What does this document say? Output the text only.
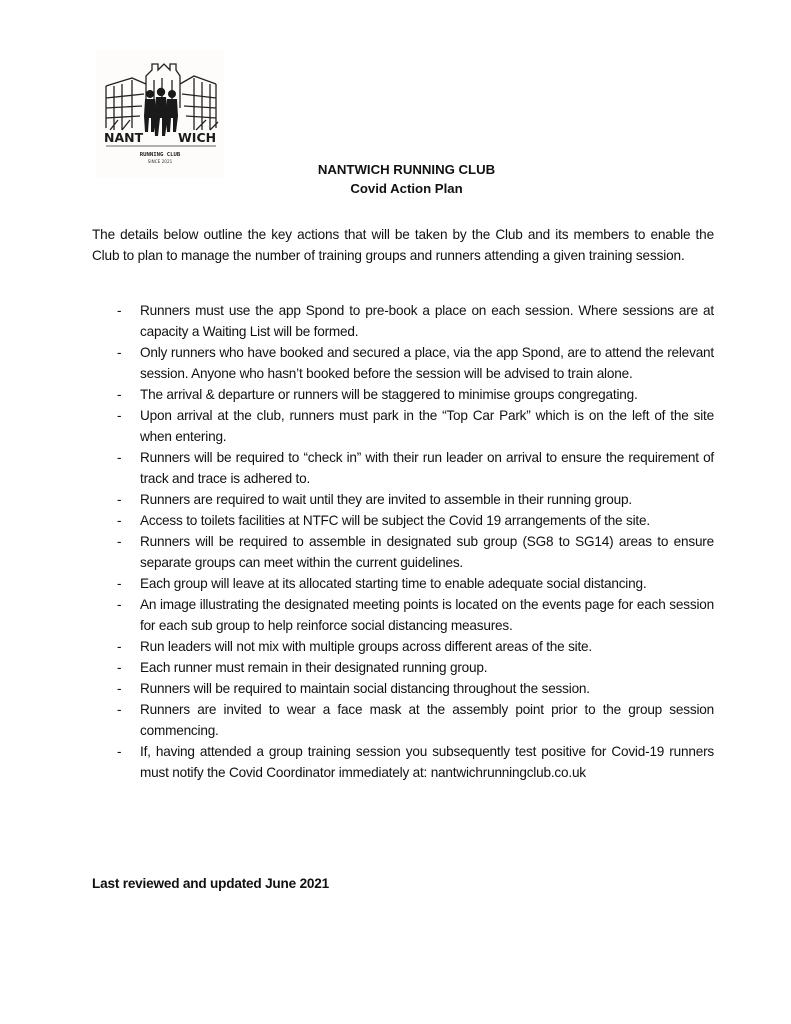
NANT	WICH
RUNNING CLUB
SINCE 2021
NANTWICH RUNNING CLUB
Covid Action Plan

The details below outline the key actions that will be taken by the Club and its members to enable the Club to plan to manage the number of training groups and runners attending a given training session.

- Runners must use the app Spond to pre-book a place on each session. Where sessions are at capacity a Waiting List will be formed.
- Only runners who have booked and secured a place, via the app Spond, are to attend the relevant session. Anyone who hasn’t booked before the session will be advised to train alone.
- The arrival & departure or runners will be staggered to minimise groups congregating.
- Upon arrival at the club, runners must park in the “Top Car Park” which is on the left of the site when entering.
- Runners will be required to “check in” with their run leader on arrival to ensure the requirement of track and trace is adhered to.
- Runners are required to wait until they are invited to assemble in their running group.
- Access to toilets facilities at NTFC will be subject the Covid 19 arrangements of the site.
- Runners will be required to assemble in designated sub group (SG8 to SG14) areas to ensure separate groups can meet within the current guidelines.
- Each group will leave at its allocated starting time to enable adequate social distancing.
- An image illustrating the designated meeting points is located on the events page for each session for each sub group to help reinforce social distancing measures.
- Run leaders will not mix with multiple groups across different areas of the site.
- Each runner must remain in their designated running group.
- Runners will be required to maintain social distancing throughout the session.
- Runners are invited to wear a face mask at the assembly point prior to the group session commencing.
- If, having attended a group training session you subsequently test positive for Covid-19 runners must notify the Covid Coordinator immediately at: nantwichrunningclub.co.uk
Last reviewed and updated June 2021
